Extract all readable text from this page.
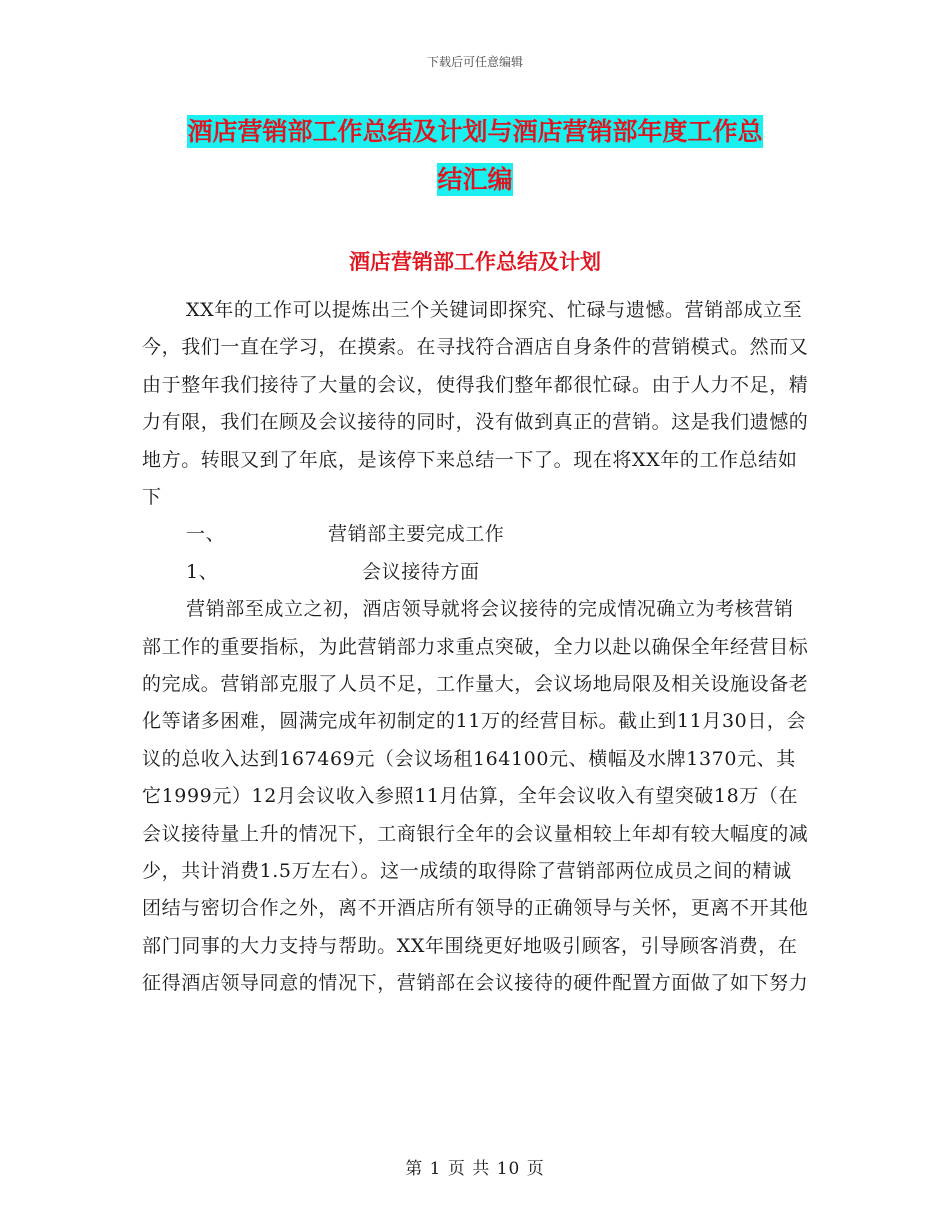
下载后可任意编辑
酒店营销部工作总结及计划与酒店营销部年度工作总
结汇编
酒店营销部工作总结及计划

XX年的工作可以提炼出三个关键词即探究、忙碌与遗憾。营销部成立至今，我们一直在学习，在摸索。在寻找符合酒店自身条件的营销模式。然而又由于整年我们接待了大量的会议，使得我们整年都很忙碌。由于人力不足，精力有限，我们在顾及会议接待的同时，没有做到真正的营销。这是我们遗憾的地方。转眼又到了年底，是该停下来总结一下了。现在将XX年的工作总结如下

一、	营销部主要完成工作
1、	会议接待方面

营销部至成立之初，酒店领导就将会议接待的完成情况确立为考核营销部工作的重要指标，为此营销部力求重点突破，全力以赴以确保全年经营目标的完成。营销部克服了人员不足，工作量大，会议场地局限及相关设施设备老化等诸多困难，圆满完成年初制定的11万的经营目标。截止到11月30日，会议的总收入达到167469元（会议场租164100元、横幅及水牌1370元、其它1999元）12月会议收入参照11月估算，全年会议收入有望突破18万（在会议接待量上升的情况下，工商银行全年的会议量相较上年却有较大幅度的减少，共计消费1.5万左右）。这一成绩的取得除了营销部两位成员之间的精诚团结与密切合作之外，离不开酒店所有领导的正确领导与关怀，更离不开其他部门同事的大力支持与帮助。XX年围绕更好地吸引顾客，引导顾客消费，在征得酒店领导同意的情况下，营销部在会议接待的硬件配置方面做了如下努力

第 1 页 共 10 页
